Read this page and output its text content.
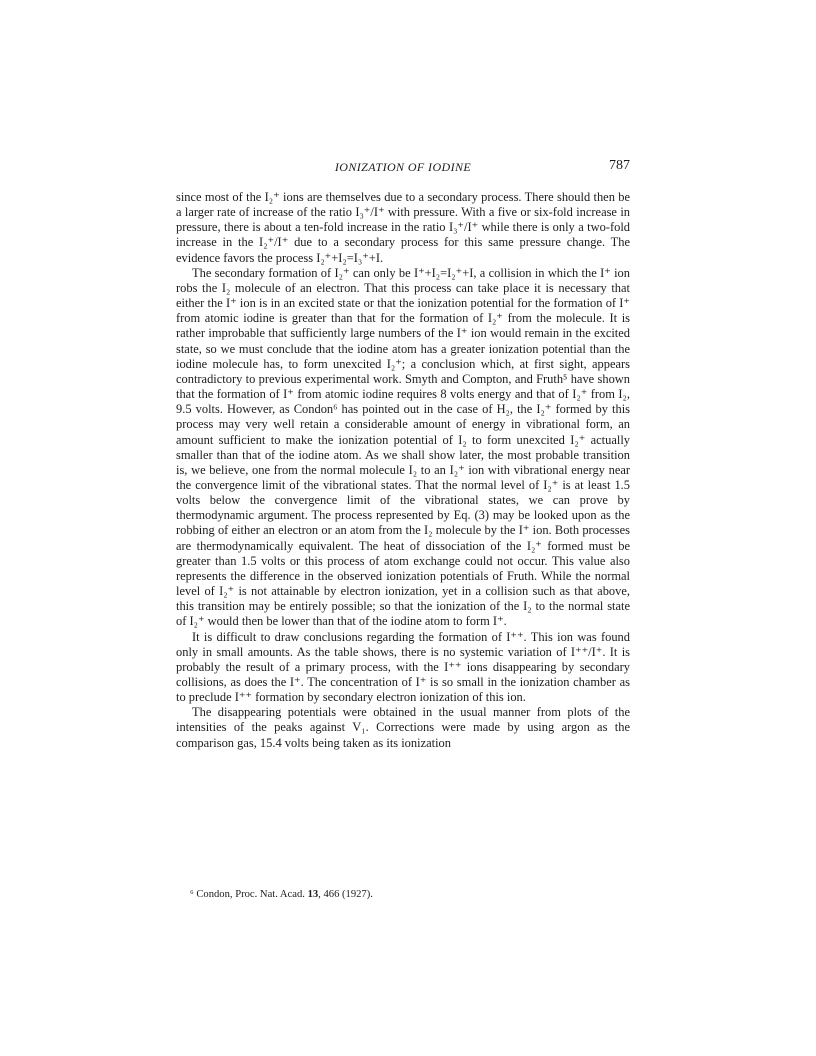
IONIZATION OF IODINE	787

since most of the I₂⁺ ions are themselves due to a secondary process. There should then be a larger rate of increase of the ratio I₃⁺/I⁺ with pressure. With a five or six-fold increase in pressure, there is about a ten-fold increase in the ratio I₃⁺/I⁺ while there is only a two-fold increase in the I₂⁺/I⁺ due to a secondary process for this same pressure change. The evidence favors the process I₂⁺+I₂=I₃⁺+I.

The secondary formation of I₂⁺ can only be I⁺+I₂=I₂⁺+I, a collision in which the I⁺ ion robs the I₂ molecule of an electron. That this process can take place it is necessary that either the I⁺ ion is in an excited state or that the ionization potential for the formation of I⁺ from atomic iodine is greater than that for the formation of I₂⁺ from the molecule. It is rather improbable that sufficiently large numbers of the I⁺ ion would remain in the excited state, so we must conclude that the iodine atom has a greater ionization potential than the iodine molecule has, to form unexcited I₂⁺; a conclusion which, at first sight, appears contradictory to previous experimental work. Smyth and Compton, and Fruth⁵ have shown that the formation of I⁺ from atomic iodine requires 8 volts energy and that of I₂⁺ from I₂, 9.5 volts. However, as Condon⁶ has pointed out in the case of H₂, the I₂⁺ formed by this process may very well retain a considerable amount of energy in vibrational form, an amount sufficient to make the ionization potential of I₂ to form unexcited I₂⁺ actually smaller than that of the iodine atom. As we shall show later, the most probable transition is, we believe, one from the normal molecule I₂ to an I₂⁺ ion with vibrational energy near the convergence limit of the vibrational states. That the normal level of I₂⁺ is at least 1.5 volts below the convergence limit of the vibrational states, we can prove by thermodynamic argument. The process represented by Eq. (3) may be looked upon as the robbing of either an electron or an atom from the I₂ molecule by the I⁺ ion. Both processes are thermodynamically equivalent. The heat of dissociation of the I₂⁺ formed must be greater than 1.5 volts or this process of atom exchange could not occur. This value also represents the difference in the observed ionization potentials of Fruth. While the normal level of I₂⁺ is not attainable by electron ionization, yet in a collision such as that above, this transition may be entirely possible; so that the ionization of the I₂ to the normal state of I₂⁺ would then be lower than that of the iodine atom to form I⁺.

It is difficult to draw conclusions regarding the formation of I⁺⁺. This ion was found only in small amounts. As the table shows, there is no systemic variation of I⁺⁺/I⁺. It is probably the result of a primary process, with the I⁺⁺ ions disappearing by secondary collisions, as does the I⁺. The concentration of I⁺ is so small in the ionization chamber as to preclude I⁺⁺ formation by secondary electron ionization of this ion.

The disappearing potentials were obtained in the usual manner from plots of the intensities of the peaks against V₁. Corrections were made by using argon as the comparison gas, 15.4 volts being taken as its ionization

⁶ Condon, Proc. Nat. Acad. 13, 466 (1927).
